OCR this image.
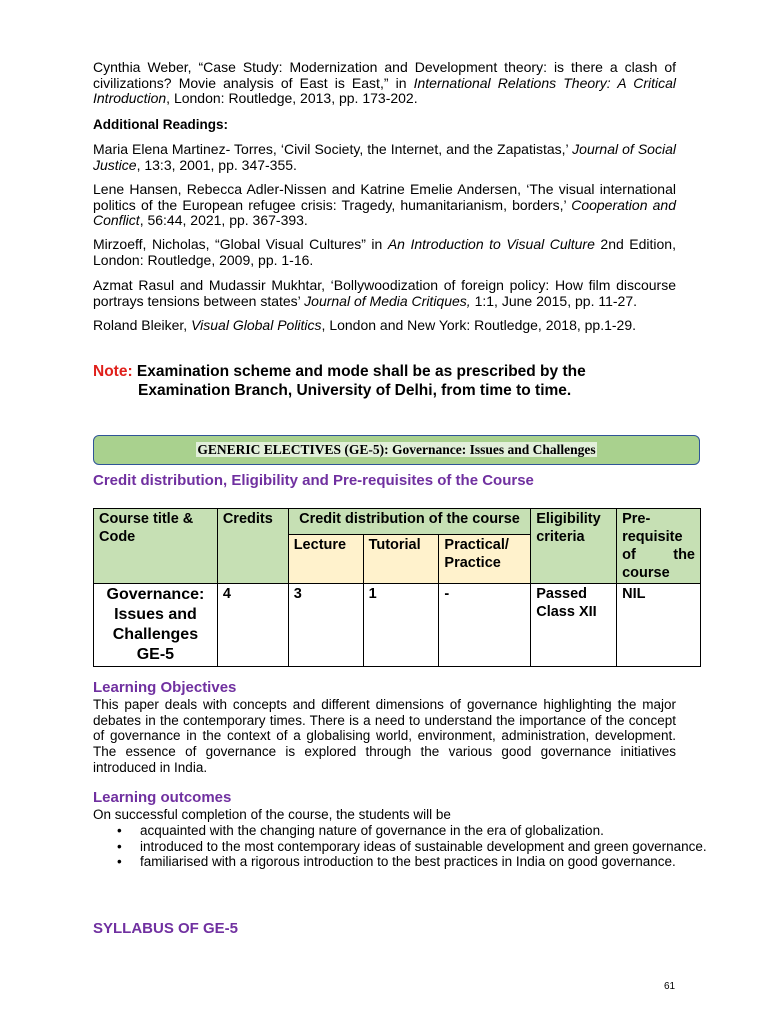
Cynthia Weber, “Case Study: Modernization and Development theory: is there a clash of civilizations? Movie analysis of East is East,” in International Relations Theory: A Critical Introduction, London: Routledge, 2013, pp. 173-202.
Additional Readings:
Maria Elena Martinez- Torres, ‘Civil Society, the Internet, and the Zapatistas,’ Journal of Social Justice, 13:3, 2001, pp. 347-355.
Lene Hansen, Rebecca Adler-Nissen and Katrine Emelie Andersen, ‘The visual international politics of the European refugee crisis: Tragedy, humanitarianism, borders,’ Cooperation and Conflict, 56:44, 2021, pp. 367-393.
Mirzoeff, Nicholas, “Global Visual Cultures” in An Introduction to Visual Culture 2nd Edition, London: Routledge, 2009, pp. 1-16.
Azmat Rasul and Mudassir Mukhtar, ‘Bollywoodization of foreign policy: How film discourse portrays tensions between states’ Journal of Media Critiques, 1:1, June 2015, pp. 11-27.
Roland Bleiker, Visual Global Politics, London and New York: Routledge, 2018, pp.1-29.
Note: Examination scheme and mode shall be as prescribed by the
Examination Branch, University of Delhi, from time to time.
GENERIC ELECTIVES (GE-5): Governance: Issues and Challenges
Credit distribution, Eligibility and Pre-requisites of the Course
Course title & Code	Credits	Credit distribution of the course			Eligibility criteria	Pre-
requisite
of the
course

		Lecture	Tutorial	Practical/ Practice		
Governance: Issues and Challenges GE-5	4	3	1	-	Passed Class XII	NIL
Learning Objectives
This paper deals with concepts and different dimensions of governance highlighting the major debates in the contemporary times. There is a need to understand the importance of the concept of governance in the context of a globalising world, environment, administration, development. The essence of governance is explored through the various good governance initiatives introduced in India.
Learning outcomes
On successful completion of the course, the students will be
• acquainted with the changing nature of governance in the era of globalization.
• introduced to the most contemporary ideas of sustainable development and green governance.
• familiarised with a rigorous introduction to the best practices in India on good governance.
SYLLABUS OF GE-5
61
